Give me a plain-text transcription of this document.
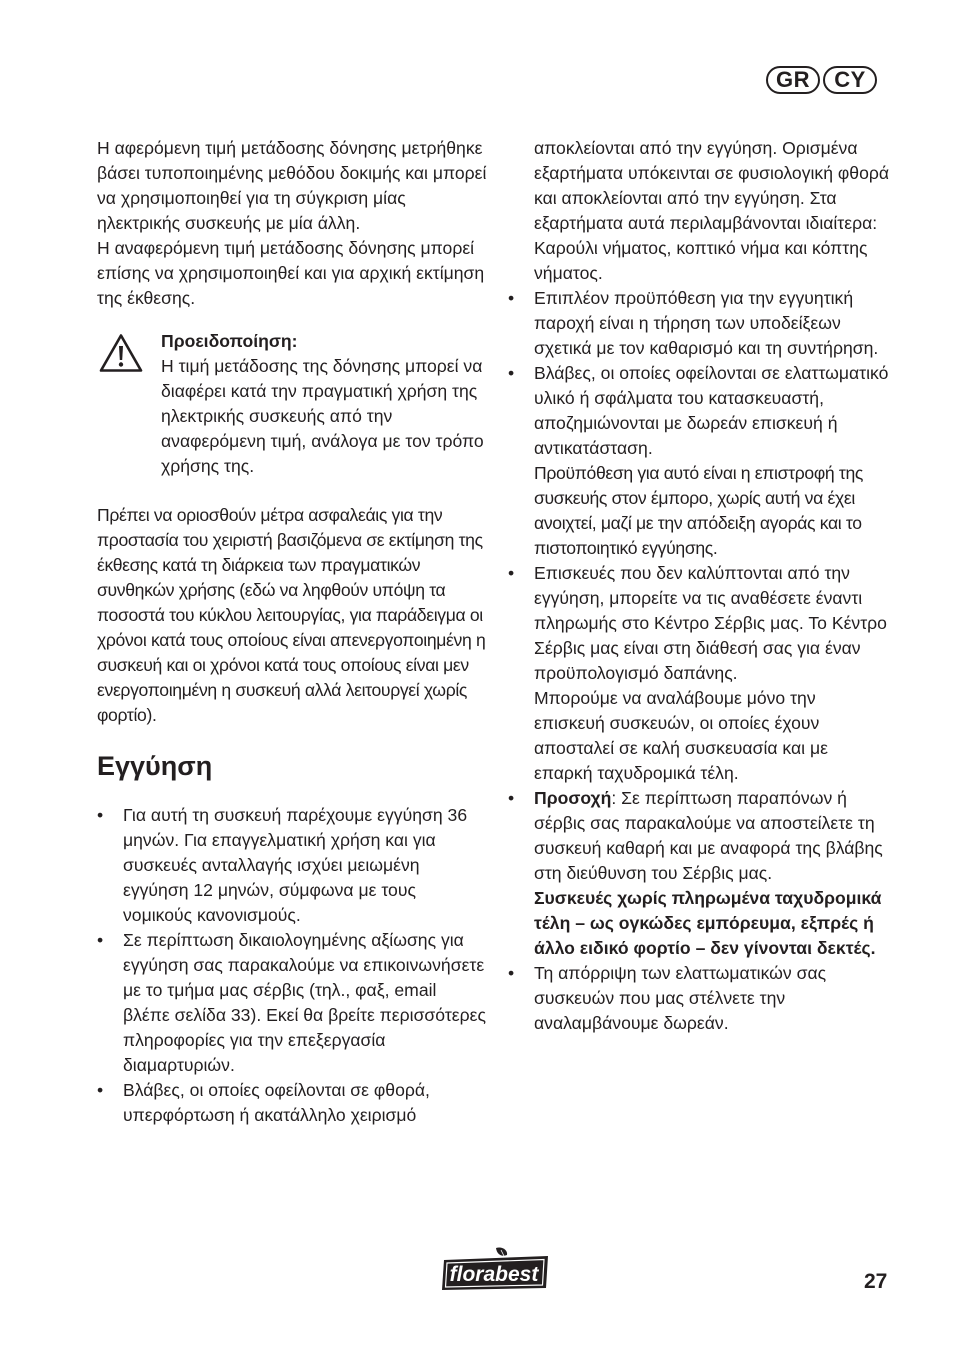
GR	CY

Η αφερόμενη τιμή μετάδοσης δόνησης μετρήθηκε βάσει τυποποιημένης μεθόδου δοκιμής και μπορεί να χρησιμοποιηθεί για τη σύγκριση μίας ηλεκτρικής συσκευής με μία άλλη.

Η αναφερόμενη τιμή μετάδοσης δόνησης μπορεί επίσης να χρησιμοποιηθεί και για αρχική εκτίμηση της έκθεσης.

Προειδοποίηση:
Η τιμή μετάδοσης της δόνησης μπορεί να διαφέρει κατά την πραγματική χρήση της ηλεκτρικής συσκευής από την αναφερόμενη τιμή, ανάλογα με τον τρόπο χρήσης της.

Πρέπει να οριοσθούν μέτρα ασφαλεάις για την προστασία του χειριστή βασιζόμενα σε εκτίμηση της έκθεσης κατά τη διάρκεια των πραγματικών συνθηκών χρήσης (εδώ να ληφθούν υπόψη τα ποσοστά του κύκλου λειτουργίας, για παράδειγμα οι χρόνοι κατά τους οποίους είναι απενεργοποιημένη η συσκευή και οι χρόνοι κατά τους οποίους είναι μεν ενεργοποιημένη η συσκευή αλλά λειτουργεί χωρίς φορτίο).

Εγγύηση
• Για αυτή τη συσκευή παρέχουμε εγγύηση 36 μηνών. Για επαγγελματική χρήση και για συσκευές ανταλλαγής ισχύει μειωμένη εγγύηση 12 μηνών, σύμφωνα με τους νομικούς κανονισμούς.
• Σε περίπτωση δικαιολογημένης αξίωσης για εγγύηση σας παρακαλούμε να επικοινωνήσετε με το τμήμα μας σέρβις (τηλ., φαξ, email βλέπε σελίδα 33). Εκεί θα βρείτε περισσότερες πληροφορίες για την επεξεργασία διαμαρτυριών.
• Βλάβες, οι οποίες οφείλονται σε φθορά, υπερφόρτωση ή ακατάλληλο χειρισμό
αποκλείονται από την εγγύηση. Ορισμένα εξαρτήματα υπόκεινται σε φυσιολογική φθορά και αποκλείονται από την εγγύηση. Στα εξαρτήματα αυτά περιλαμβάνονται ιδιαίτερα: Καρούλι νήματος, κοπτικό νήμα και κόπτης νήματος.
• Επιπλέον προϋπόθεση για την εγγυητική παροχή είναι η τήρηση των υποδείξεων σχετικά με τον καθαρισμό και τη συντήρηση.
• Βλάβες, οι οποίες οφείλονται σε ελαττωματικό υλικό ή σφάλματα του κατασκευαστή, αποζημιώνονται με δωρεάν επισκευή ή αντικατάσταση.
Προϋπόθεση για αυτό είναι η επιστροφή της συσκευής στον έμπορο, χωρίς αυτή να έχει ανοιχτεί, μαζί με την απόδειξη αγοράς και το πιστοποιητικό εγγύησης.
• Επισκευές που δεν καλύπτονται από την εγγύηση, μπορείτε να τις αναθέσετε έναντι πληρωμής στο Κέντρο Σέρβις μας. Το Κέντρο Σέρβις μας είναι στη διάθεσή σας για έναν προϋπολογισμό δαπάνης.
Μπορούμε να αναλάβουμε μόνο την επισκευή συσκευών, οι οποίες έχουν αποσταλεί σε καλή συσκευασία και με επαρκή ταχυδρομικά τέλη.
• Προσοχή: Σε περίπτωση παραπόνων ή σέρβις σας παρακαλούμε να αποστείλετε τη συσκευή καθαρή και με αναφορά της βλάβης στη διεύθυνση του Σέρβις μας.
Συσκευές χωρίς πληρωμένα ταχυδρομικά τέλη – ως ογκώδες εμπόρευμα, εξπρές ή άλλο ειδικό φορτίο – δεν γίνονται δεκτές.
• Τη απόρριψη των ελαττωματικών σας συσκευών που μας στέλνετε την αναλαμβάνουμε δωρεάν.
florabest	27
